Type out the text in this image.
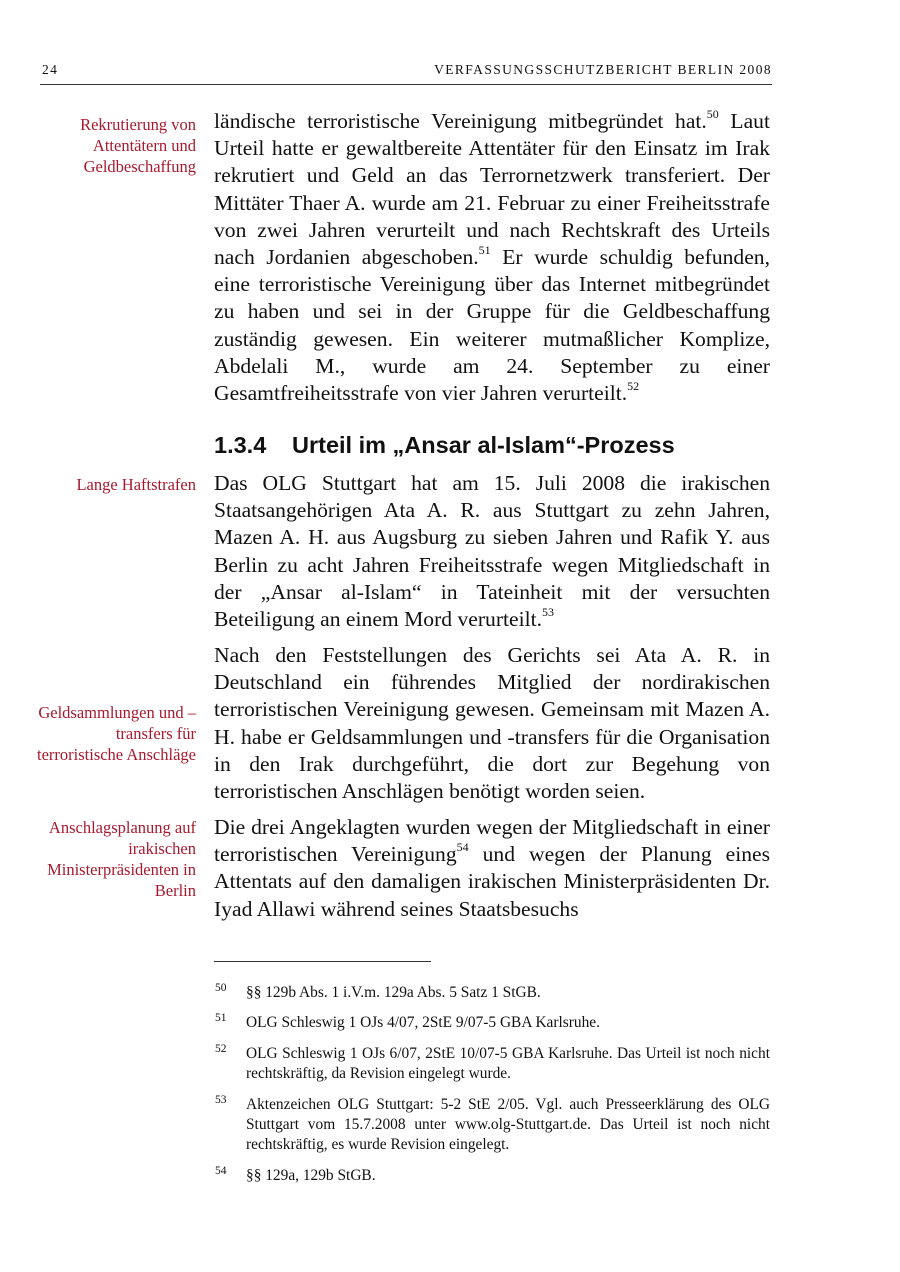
24	VERFASSUNGSSCHUTZBERICHT BERLIN 2008
Rekrutierung von Attentätern und Geldbeschaffung
Lange Haftstrafen
Geldsammlungen und –transfers für terroristische Anschläge
Anschlagsplanung auf irakischen Ministerpräsidenten in Berlin

ländische terroristische Vereinigung mitbegründet hat.$^{50}$ Laut Urteil hatte er gewaltbereite Attentäter für den Einsatz im Irak rekrutiert und Geld an das Terrornetzwerk transferiert. Der Mittäter Thaer A. wurde am 21. Februar zu einer Freiheitsstrafe von zwei Jahren verurteilt und nach Rechtskraft des Urteils nach Jordanien abgeschoben.$^{51}$ Er wurde schuldig befunden, eine terroristische Vereinigung über das Internet mitbegründet zu haben und sei in der Gruppe für die Geldbeschaffung zuständig gewesen. Ein weiterer mutmaßlicher Komplize, Abdelali M., wurde am 24. September zu einer Gesamtfreiheitsstrafe von vier Jahren verurteilt.$^{52}$

1.3.4 Urteil im „Ansar al-Islam“-Prozess

Das OLG Stuttgart hat am 15. Juli 2008 die irakischen Staatsangehörigen Ata A. R. aus Stuttgart zu zehn Jahren, Mazen A. H. aus Augsburg zu sieben Jahren und Rafik Y. aus Berlin zu acht Jahren Freiheitsstrafe wegen Mitgliedschaft in der „Ansar al-Islam“ in Tateinheit mit der versuchten Beteiligung an einem Mord verurteilt.$^{53}$

Nach den Feststellungen des Gerichts sei Ata A. R. in Deutschland ein führendes Mitglied der nordirakischen terroristischen Vereinigung gewesen. Gemeinsam mit Mazen A. H. habe er Geldsammlungen und -transfers für die Organisation in den Irak durchgeführt, die dort zur Begehung von terroristischen Anschlägen benötigt worden seien.

Die drei Angeklagten wurden wegen der Mitgliedschaft in einer terroristischen Vereinigung$^{54}$ und wegen der Planung eines Attentats auf den damaligen irakischen Ministerpräsidenten Dr. Iyad Allawi während seines Staatsbesuchs

50 §§ 129b Abs. 1 i.V.m. 129a Abs. 5 Satz 1 StGB.
51 OLG Schleswig 1 OJs 4/07, 2StE 9/07-5 GBA Karlsruhe.
52 OLG Schleswig 1 OJs 6/07, 2StE 10/07-5 GBA Karlsruhe. Das Urteil ist noch nicht rechtskräftig, da Revision eingelegt wurde.
53 Aktenzeichen OLG Stuttgart: 5-2 StE 2/05. Vgl. auch Presseerklärung des OLG Stuttgart vom 15.7.2008 unter www.olg-Stuttgart.de. Das Urteil ist noch nicht rechtskräftig, es wurde Revision eingelegt.
54 §§ 129a, 129b StGB.
